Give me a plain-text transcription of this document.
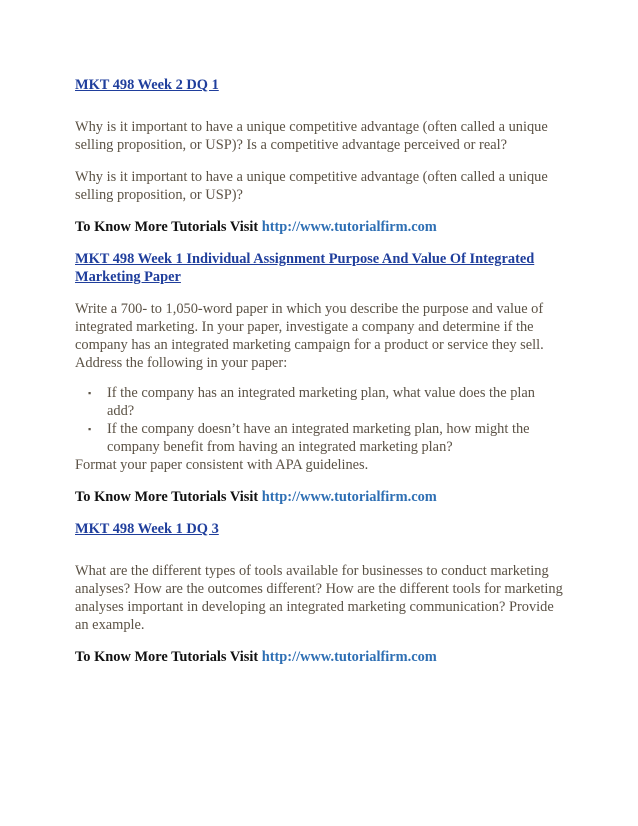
MKT 498 Week 2 DQ 1

Why is it important to have a unique competitive advantage (often called a unique selling proposition, or USP)? Is a competitive advantage perceived or real?

Why is it important to have a unique competitive advantage (often called a unique selling proposition, or USP)?

To Know More Tutorials Visit http://www.tutorialfirm.com

MKT 498 Week 1 Individual Assignment Purpose And Value Of Integrated Marketing Paper

Write a 700- to 1,050-word paper in which you describe the purpose and value of integrated marketing. In your paper, investigate a company and determine if the company has an integrated marketing campaign for a product or service they sell. Address the following in your paper:

▪ If the company has an integrated marketing plan, what value does the plan add?
▪ If the company doesn’t have an integrated marketing plan, how might the company benefit from having an integrated marketing plan?

Format your paper consistent with APA guidelines.

To Know More Tutorials Visit http://www.tutorialfirm.com

MKT 498 Week 1 DQ 3

What are the different types of tools available for businesses to conduct marketing analyses? How are the outcomes different? How are the different tools for marketing analyses important in developing an integrated marketing communication? Provide an example.

To Know More Tutorials Visit http://www.tutorialfirm.com
